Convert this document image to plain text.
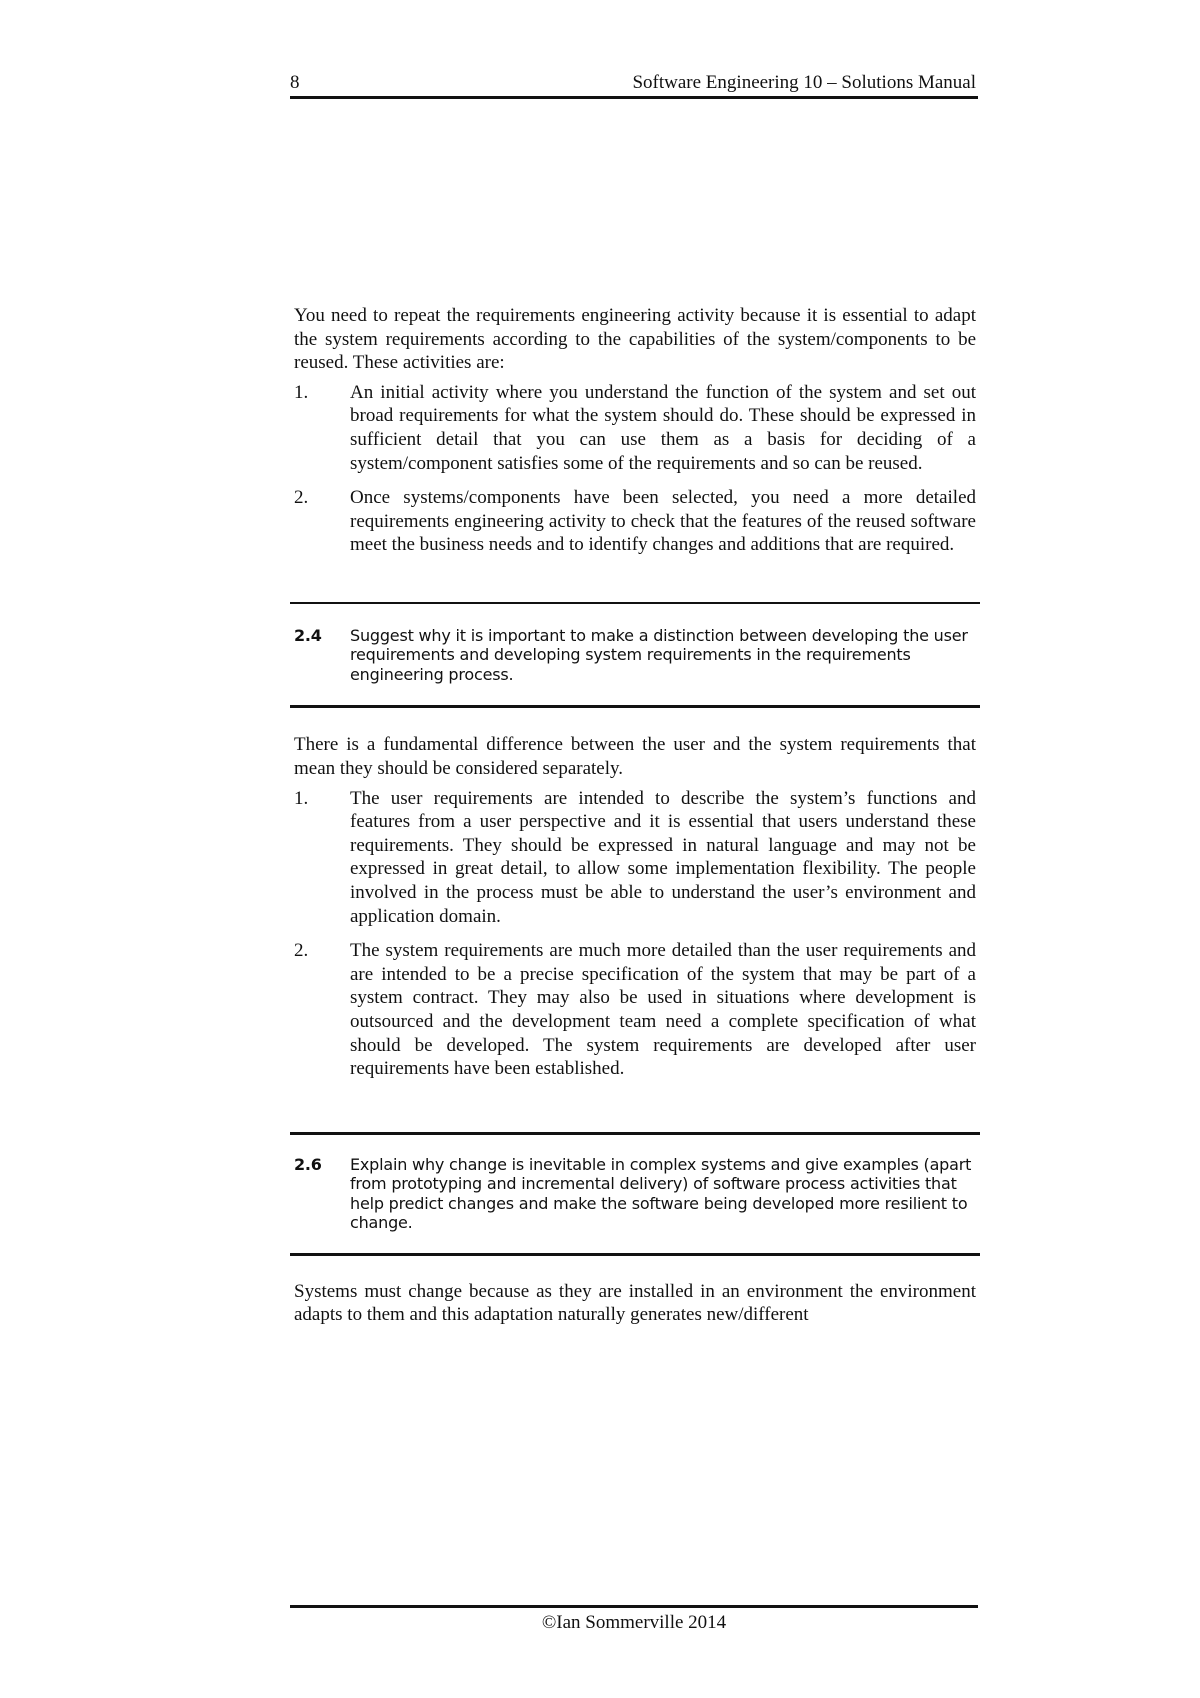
8	Software Engineering 10 – Solutions Manual

You need to repeat the requirements engineering activity because it is essential to adapt the system requirements according to the capabilities of the system/components to be reused. These activities are:

1. An initial activity where you understand the function of the system and set out broad requirements for what the system should do. These should be expressed in sufficient detail that you can use them as a basis for deciding of a system/component satisfies some of the requirements and so can be reused.
2. Once systems/components have been selected, you need a more detailed requirements engineering activity to check that the features of the reused software meet the business needs and to identify changes and additions that are required.
2.4 Suggest why it is important to make a distinction between developing the user requirements and developing system requirements in the requirements engineering process.

There is a fundamental difference between the user and the system requirements that mean they should be considered separately.

1. The user requirements are intended to describe the system’s functions and features from a user perspective and it is essential that users understand these requirements. They should be expressed in natural language and may not be expressed in great detail, to allow some implementation flexibility. The people involved in the process must be able to understand the user’s environment and application domain.
2. The system requirements are much more detailed than the user requirements and are intended to be a precise specification of the system that may be part of a system contract. They may also be used in situations where development is outsourced and the development team need a complete specification of what should be developed. The system requirements are developed after user requirements have been established.
2.6 Explain why change is inevitable in complex systems and give examples (apart from prototyping and incremental delivery) of software process activities that help predict changes and make the software being developed more resilient to change.

Systems must change because as they are installed in an environment the environment adapts to them and this adaptation naturally generates new/different

©Ian Sommerville 2014
